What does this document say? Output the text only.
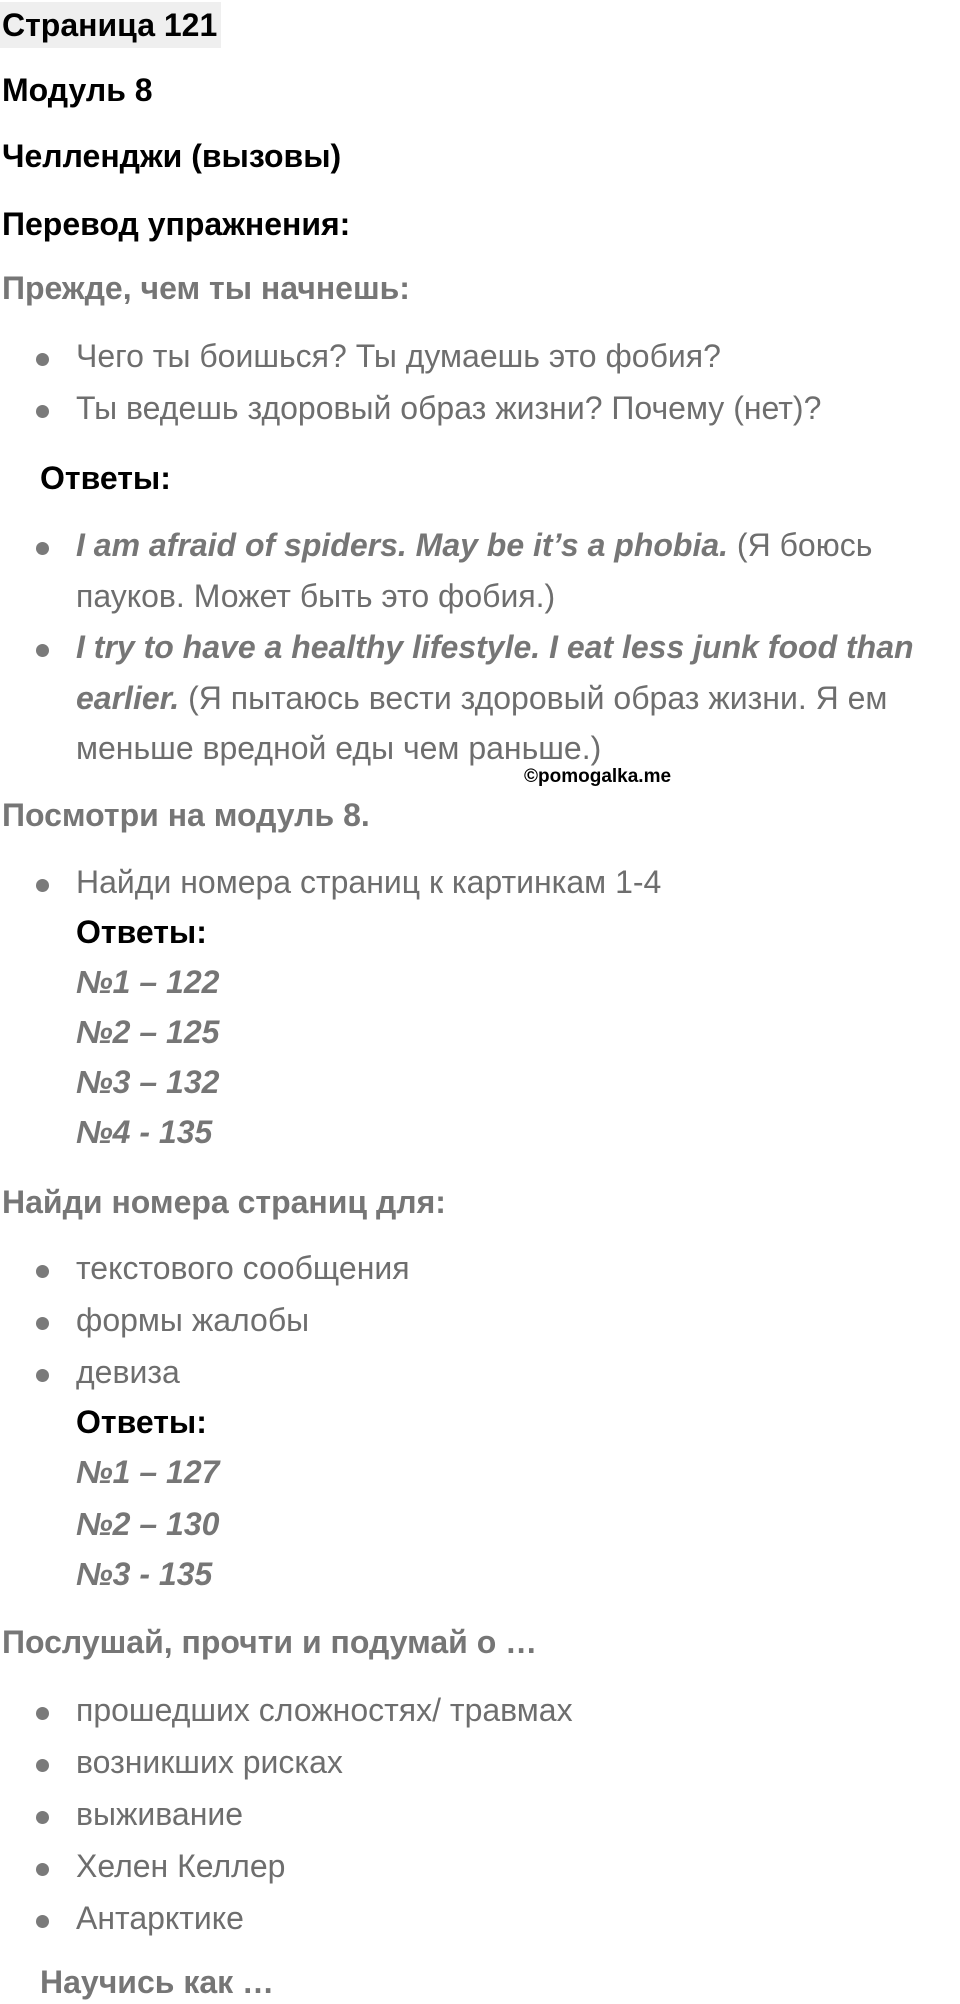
Страница 121
Модуль 8
Челленджи (вызовы)
Перевод упражнения:
Прежде, чем ты начнешь:
Чего ты боишься? Ты думаешь это фобия?
Ты ведешь здоровый образ жизни? Почему (нет)?
Ответы:
I am afraid of spiders. May be it’s a phobia. (Я боюсь
пауков. Может быть это фобия.)
I try to have a healthy lifestyle. I eat less junk food than
earlier. (Я пытаюсь вести здоровый образ жизни. Я ем
меньше вредной еды чем раньше.)
©pomogalka.me
Посмотри на модуль 8.
Найди номера страниц к картинкам 1-4
Ответы:
№1 – 122
№2 – 125
№3 – 132
№4 - 135
Найди номера страниц для:
текстового сообщения
формы жалобы
девиза
Ответы:
№1 – 127
№2 – 130
№3 - 135
Послушай, прочти и подумай о …
прошедших сложностях/ травмах
возникших рисках
выживание
Хелен Келлер
Антарктике
Научись как …
